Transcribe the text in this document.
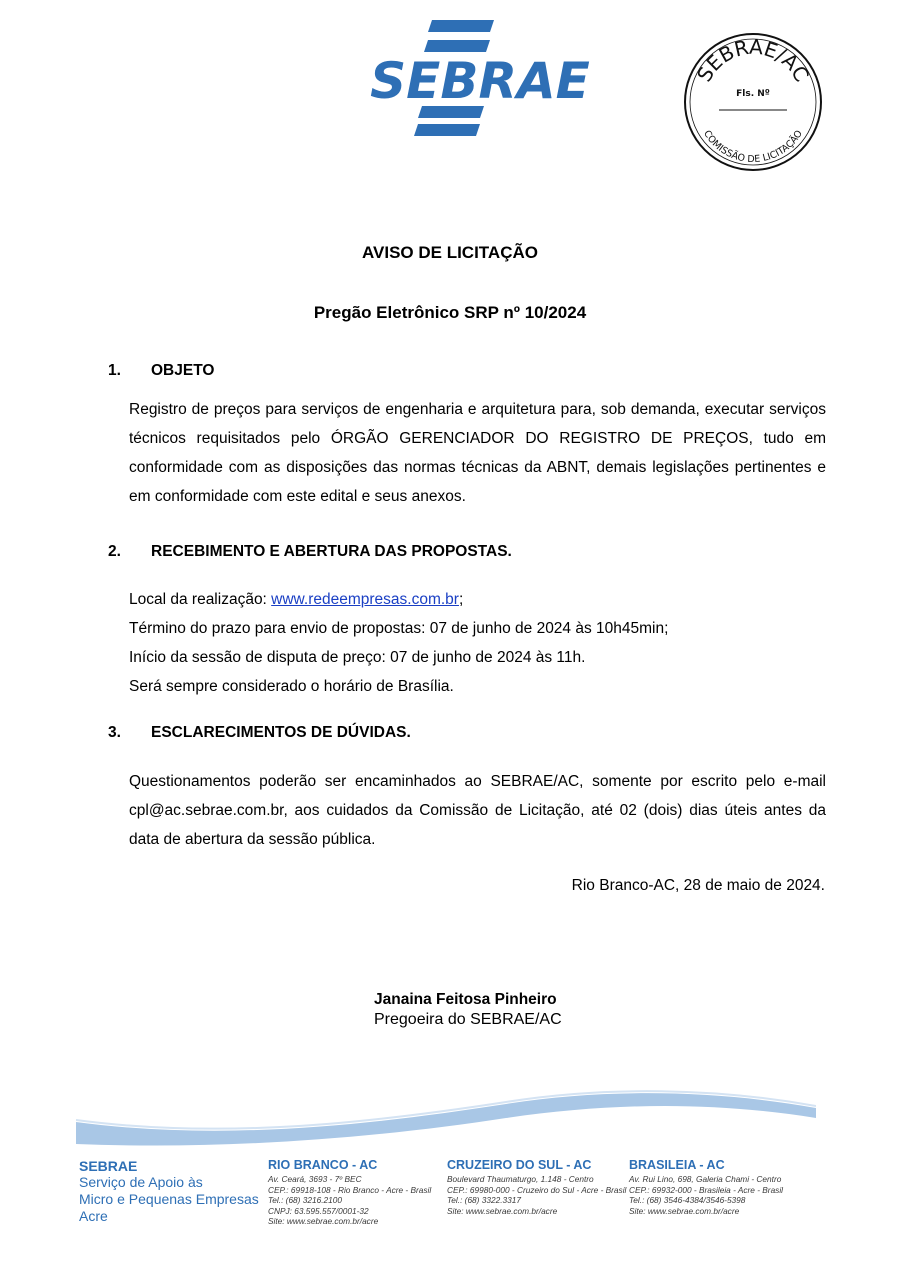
SEBRAE	SEBRAE/AC
Fls. Nº
COMISSÃO DE LICITAÇÃO
AVISO DE LICITAÇÃO
Pregão Eletrônico SRP nº 10/2024
1. OBJETO
Registro de preços para serviços de engenharia e arquitetura para, sob demanda, executar serviços técnicos requisitados pelo ÓRGÃO GERENCIADOR DO REGISTRO DE PREÇOS, tudo em conformidade com as disposições das normas técnicas da ABNT, demais legislações pertinentes e em conformidade com este edital e seus anexos.
2. RECEBIMENTO E ABERTURA DAS PROPOSTAS.
Local da realização: www.redeempresas.com.br;
Término do prazo para envio de propostas: 07 de junho de 2024 às 10h45min;
Início da sessão de disputa de preço: 07 de junho de 2024 às 11h.
Será sempre considerado o horário de Brasília.
3. ESCLARECIMENTOS DE DÚVIDAS.
Questionamentos poderão ser encaminhados ao SEBRAE/AC, somente por escrito pelo e-mail cpl@ac.sebrae.com.br, aos cuidados da Comissão de Licitação, até 02 (dois) dias úteis antes da data de abertura da sessão pública.
Rio Branco-AC, 28 de maio de 2024.
Janaina Feitosa Pinheiro
Pregoeira do SEBRAE/AC
SEBRAE
Serviço de Apoio às
Micro e Pequenas Empresas
Acre
RIO BRANCO - AC
Av. Ceará, 3693 - 7º BEC
CEP.: 69918-108 - Rio Branco - Acre - Brasil
Tel.: (68) 3216.2100
CNPJ: 63.595.557/0001-32
Site: www.sebrae.com.br/acre
CRUZEIRO DO SUL - AC
Boulevard Thaumaturgo, 1.148 - Centro
CEP.: 69980-000 - Cruzeiro do Sul - Acre - Brasil
Tel.: (68) 3322.3317
Site: www.sebrae.com.br/acre
BRASILEIA - AC
Av. Rui Lino, 698, Galeria Chami - Centro
CEP.: 69932-000 - Brasileia - Acre - Brasil
Tel.: (68) 3546-4384/3546-5398
Site: www.sebrae.com.br/acre
